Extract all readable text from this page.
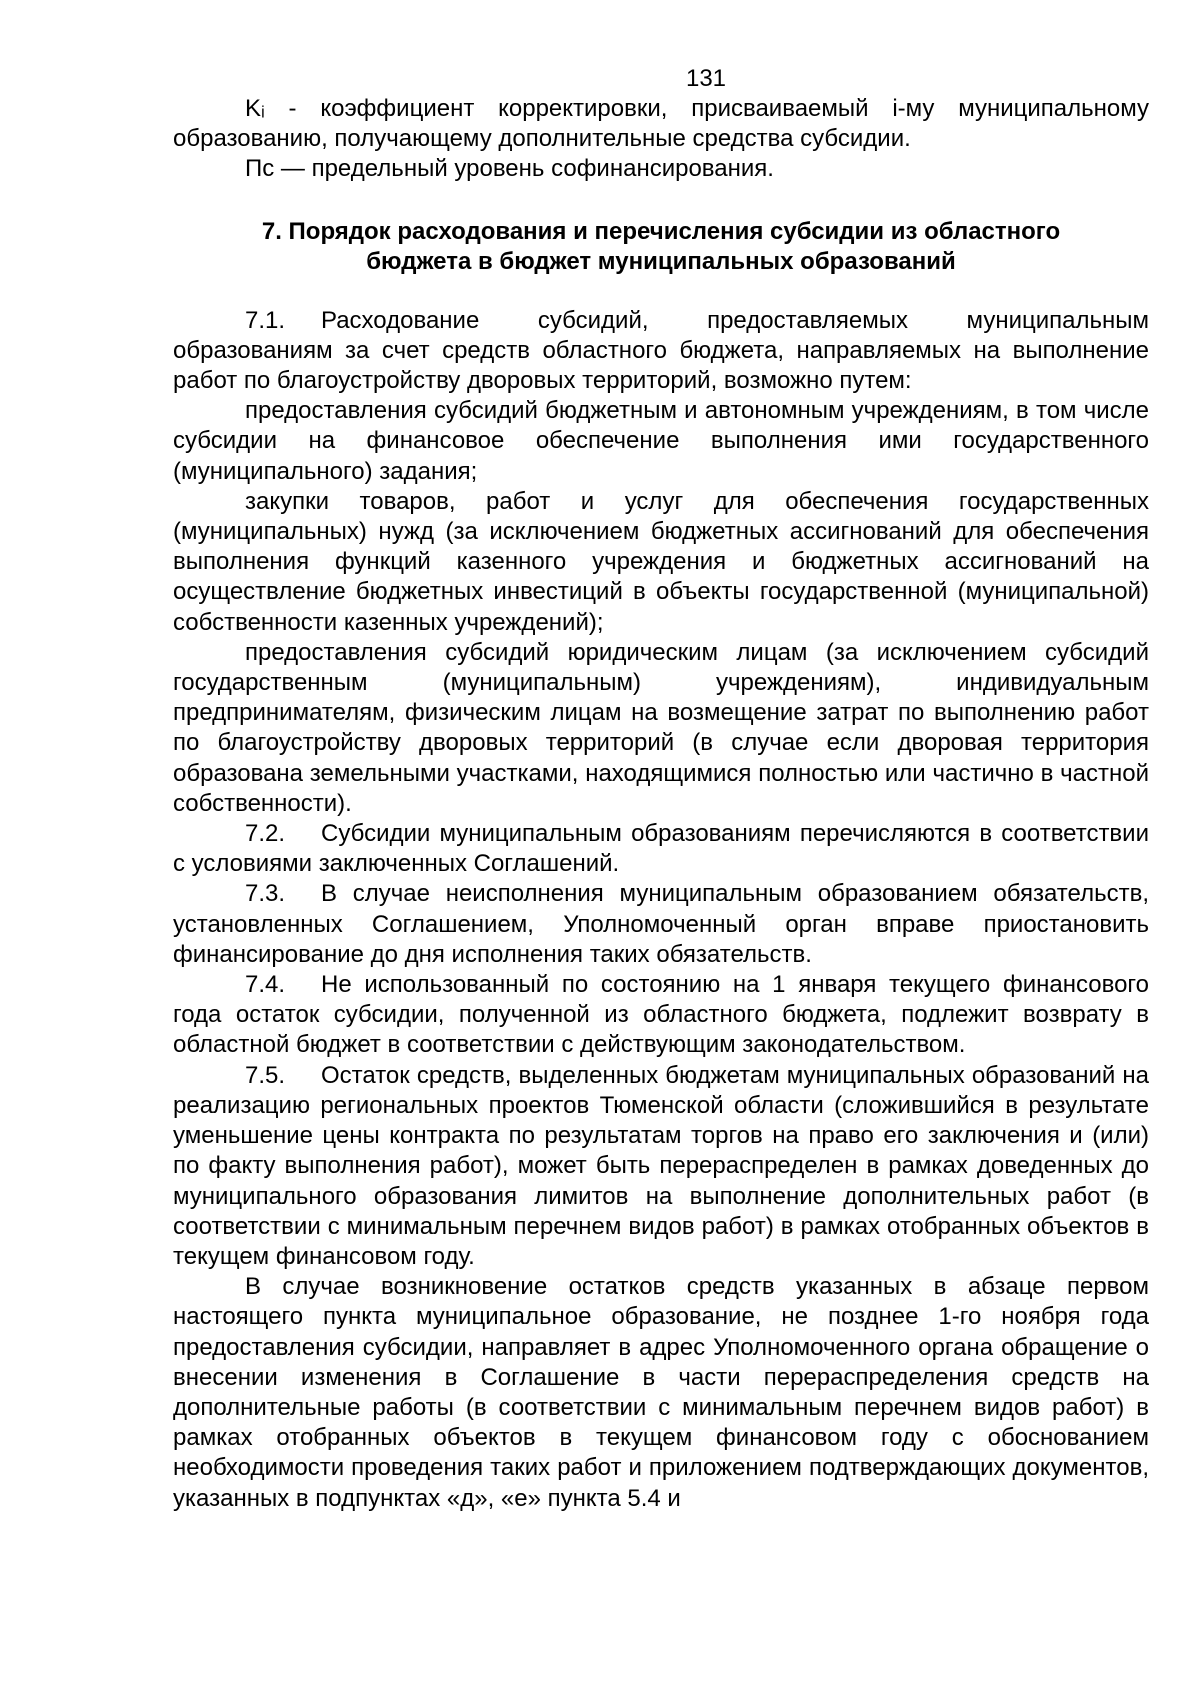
131

Kᵢ - коэффициент корректировки, присваиваемый i-му муниципальному образованию, получающему дополнительные средства субсидии.

Пс — предельный уровень софинансирования.

7. Порядок расходования и перечисления субсидии из областного
бюджета в бюджет муниципальных образований

7.1. Расходование субсидий, предоставляемых муниципальным образованиям за счет средств областного бюджета, направляемых на выполнение работ по благоустройству дворовых территорий, возможно путем:

предоставления субсидий бюджетным и автономным учреждениям, в том числе субсидии на финансовое обеспечение выполнения ими государственного (муниципального) задания;

закупки товаров, работ и услуг для обеспечения государственных (муниципальных) нужд (за исключением бюджетных ассигнований для обеспечения выполнения функций казенного учреждения и бюджетных ассигнований на осуществление бюджетных инвестиций в объекты государственной (муниципальной) собственности казенных учреждений);

предоставления субсидий юридическим лицам (за исключением субсидий государственным (муниципальным) учреждениям), индивидуальным предпринимателям, физическим лицам на возмещение затрат по выполнению работ по благоустройству дворовых территорий (в случае если дворовая территория образована земельными участками, находящимися полностью или частично в частной собственности).

7.2. Субсидии муниципальным образованиям перечисляются в соответствии с условиями заключенных Соглашений.

7.3. В случае неисполнения муниципальным образованием обязательств, установленных Соглашением, Уполномоченный орган вправе приостановить финансирование до дня исполнения таких обязательств.

7.4. Не использованный по состоянию на 1 января текущего финансового года остаток субсидии, полученной из областного бюджета, подлежит возврату в областной бюджет в соответствии с действующим законодательством.

7.5. Остаток средств, выделенных бюджетам муниципальных образований на реализацию региональных проектов Тюменской области (сложившийся в результате уменьшение цены контракта по результатам торгов на право его заключения и (или) по факту выполнения работ), может быть перераспределен в рамках доведенных до муниципального образования лимитов на выполнение дополнительных работ (в соответствии с минимальным перечнем видов работ) в рамках отобранных объектов в текущем финансовом году.

В случае возникновение остатков средств указанных в абзаце первом настоящего пункта муниципальное образование, не позднее 1-го ноября года предоставления субсидии, направляет в адрес Уполномоченного органа обращение о внесении изменения в Соглашение в части перераспределения средств на дополнительные работы (в соответствии с минимальным перечнем видов работ) в рамках отобранных объектов в текущем финансовом году с обоснованием необходимости проведения таких работ и приложением подтверждающих документов, указанных в подпунктах «д», «е» пункта 5.4 и
